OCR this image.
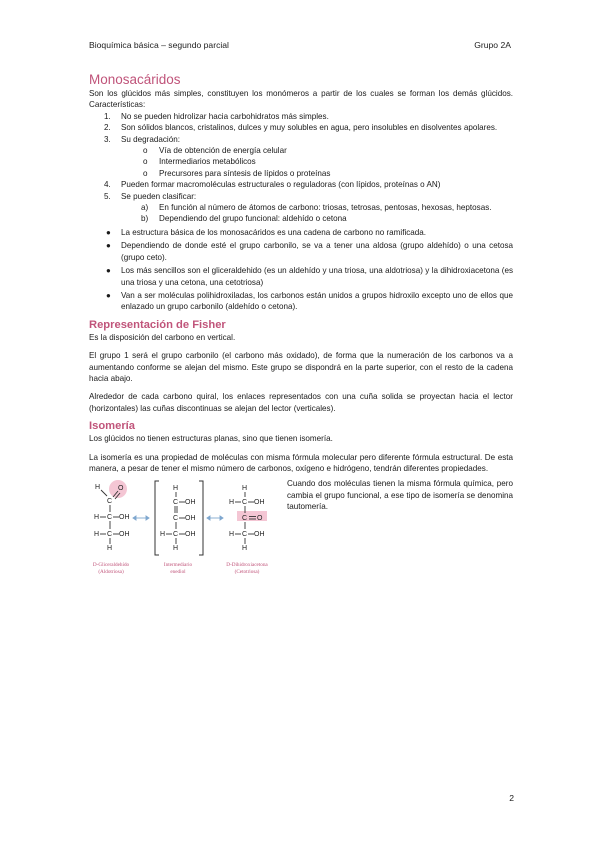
Bioquímica básica – segundo parcial	Grupo 2A
Monosacáridos

Son los glúcidos más simples, constituyen los monómeros a partir de los cuales se forman los demás glúcidos. Características:

1. No se pueden hidrolizar hacia carbohidratos más simples.
2. Son sólidos blancos, cristalinos, dulces y muy solubles en agua, pero insolubles en disolventes apolares.
3. Su degradación:
o Vía de obtención de energía celular
o Intermediarios metabólicos
o Precursores para síntesis de lípidos o proteínas
4. Pueden formar macromoléculas estructurales o reguladoras (con lípidos, proteínas o AN)
5. Se pueden clasificar:
a) En función al número de átomos de carbono: triosas, tetrosas, pentosas, hexosas, heptosas.
b) Dependiendo del grupo funcional: aldehído o cetona
● La estructura básica de los monosacáridos es una cadena de carbono no ramificada.
● Dependiendo de donde esté el grupo carbonilo, se va a tener una aldosa (grupo aldehído) o una cetosa (grupo ceto).
● Los más sencillos son el gliceraldehido (es un aldehído y una triosa, una aldotriosa) y la dihidroxiacetona (es una triosa y una cetona, una cetotriosa)
● Van a ser moléculas polihidroxiladas, los carbonos están unidos a grupos hidroxilo excepto uno de ellos que enlazado un grupo carbonilo (aldehído o cetona).
Representación de Fisher

Es la disposición del carbono en vertical.

El grupo 1 será el grupo carbonilo (el carbono más oxidado), de forma que la numeración de los carbonos va a aumentando conforme se alejan del mismo. Este grupo se dispondrá en la parte superior, con el resto de la cadena hacia abajo.

Alrededor de cada carbono quiral, los enlaces representados con una cuña solida se proyectan hacia el lector (horizontales) las cuñas discontinuas se alejan del lector (verticales).

Isomería

Los glúcidos no tienen estructuras planas, sino que tienen isomería.

La isomería es una propiedad de moléculas con misma fórmula molecular pero diferente fórmula estructural. De esta manera, a pesar de tener el mismo número de carbonos, oxígeno e hidrógeno, tendrán diferentes propiedades.

H
C
O
H C OH
H C OH
H
H
C OH
C OH
H C OH
H
H
H C OH
C O
H C OH
H
D-Gliceraldehído
(Aldotriosa)
Intermediario
enediol
D-Dihidroxiacetona
(Cetotriosa)

Cuando dos moléculas tienen la misma fórmula química, pero cambia el grupo funcional, a ese tipo de isomería se denomina tautomería.

2
